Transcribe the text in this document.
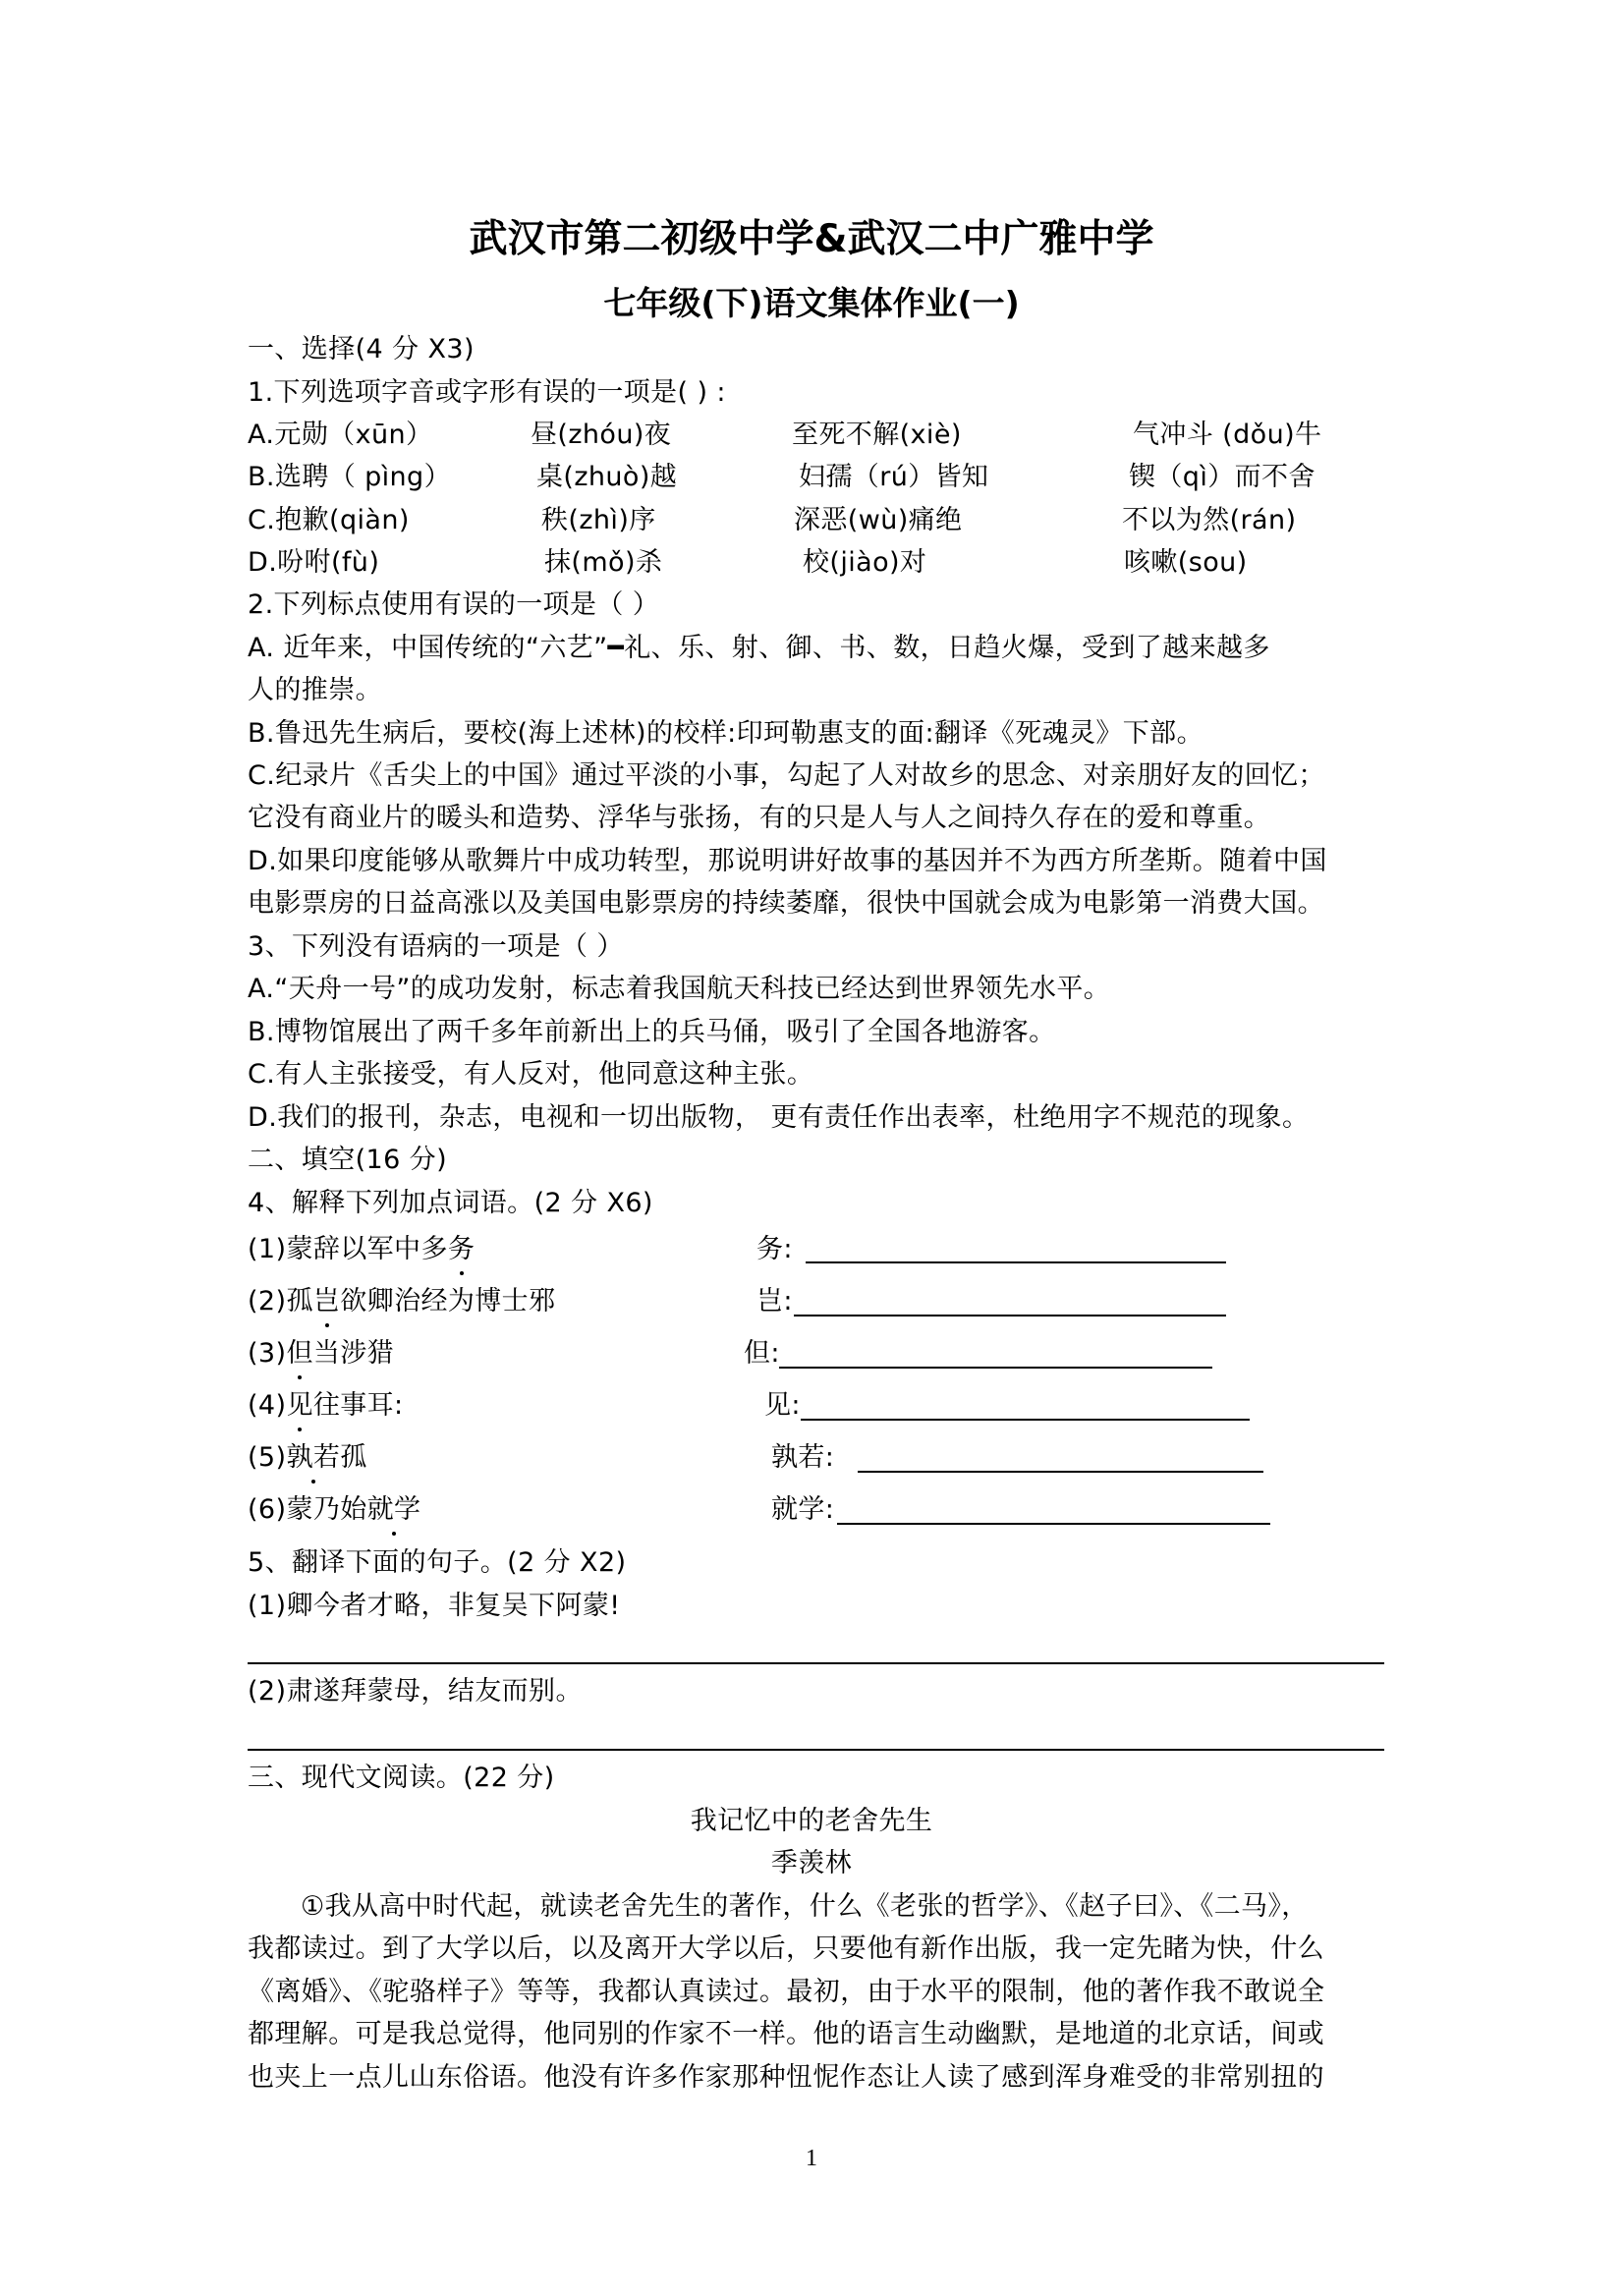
武汉市第二初级中学&武汉二中广雅中学
七年级(下)语文集体作业(一)
一、选择(4 分 X3)
1.下列选项字音或字形有误的一项是( ) :
A.元勋（xūn）	昼(zhóu)夜	至死不解(xiè)	气冲斗 (dǒu)牛
B.选聘（ pìng）	桌(zhuò)越	妇孺（rú）皆知	锲（qì）而不舍
C.抱歉(qiàn)	秩(zhì)序	深恶(wù)痛绝	不以为然(rán)
D.吩咐(fù)	抹(mǒ)杀	校(jiào)对	咳嗽(sou)
2.下列标点使用有误的一项是（ ）
A. 近年来，中国传统的“六艺”━礼、乐、射、御、书、数，日趋火爆，受到了越来越多
人的推崇。
B.鲁迅先生病后，要校(海上述林)的校样:印珂勒惠支的面:翻译《死魂灵》下部。
C.纪录片《舌尖上的中国》通过平淡的小事，勾起了人对故乡的思念、对亲朋好友的回忆；
它没有商业片的暖头和造势、浮华与张扬，有的只是人与人之间持久存在的爱和尊重。
D.如果印度能够从歌舞片中成功转型，那说明讲好故事的基因并不为西方所垄斯。随着中国
电影票房的日益高涨以及美国电影票房的持续萎靡，很快中国就会成为电影第一消费大国。
3、下列没有语病的一项是（ ）
A.“天舟一号”的成功发射，标志着我国航天科技已经达到世界领先水平。
B.博物馆展出了两千多年前新出上的兵马俑，吸引了全国各地游客。
C.有人主张接受，有人反对，他同意这种主张。
D.我们的报刊，杂志，电视和一切出版物， 更有责任作出表率，杜绝用字不规范的现象。
二、填空(16 分)
4、解释下列加点词语。(2 分 X6)
(1)蒙辞以军中多务	务:
(2)孤岂欲卿治经为博士邪	岂:
(3)但当涉猎	但:
(4)见往事耳:	见:
(5)孰若孤	孰若:
(6)蒙乃始就学	就学:
5、翻译下面的句子。(2 分 X2)
(1)卿今者才略，非复吴下阿蒙!
(2)肃遂拜蒙母，结友而别。
三、现代文阅读。(22 分)
我记忆中的老舍先生
季羡林
①我从高中时代起，就读老舍先生的著作，什么《老张的哲学》、《赵子曰》、《二马》，
我都读过。到了大学以后，以及离开大学以后，只要他有新作出版，我一定先睹为快，什么
《离婚》、《驼骆样子》等等，我都认真读过。最初，由于水平的限制，他的著作我不敢说全
都理解。可是我总觉得，他同别的作家不一样。他的语言生动幽默，是地道的北京话，间或
也夹上一点儿山东俗语。他没有许多作家那种忸怩作态让人读了感到浑身难受的非常别扭的
1
